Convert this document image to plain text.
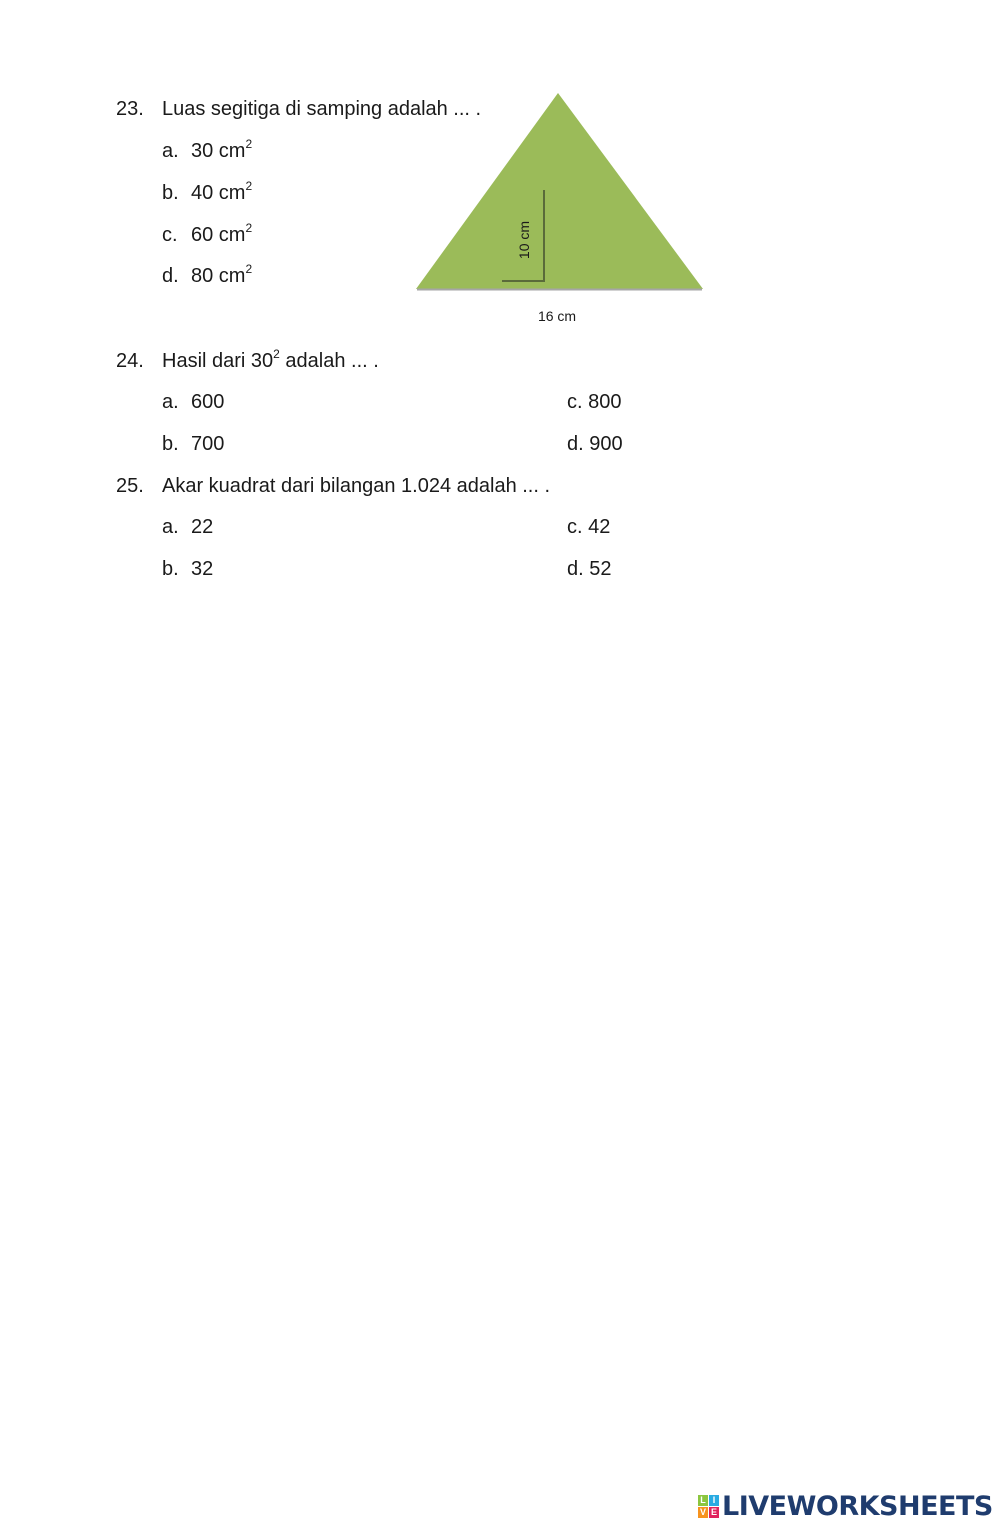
23. Luas segitiga di samping adalah ... .
a. 30 $cm^2$
b. 40 $cm^2$
c. 60 $cm^2$
d. 80 $cm^2$
10 cm
16 cm
24. Hasil dari $30^2$ adalah ... .
a. 600
b. 700
c. 800
d. 900
25. Akar kuadrat dari bilangan 1.024 adalah ... .
a. 22
b. 32
c. 42
d. 52
L I
V E LIVEWORKSHEETS
